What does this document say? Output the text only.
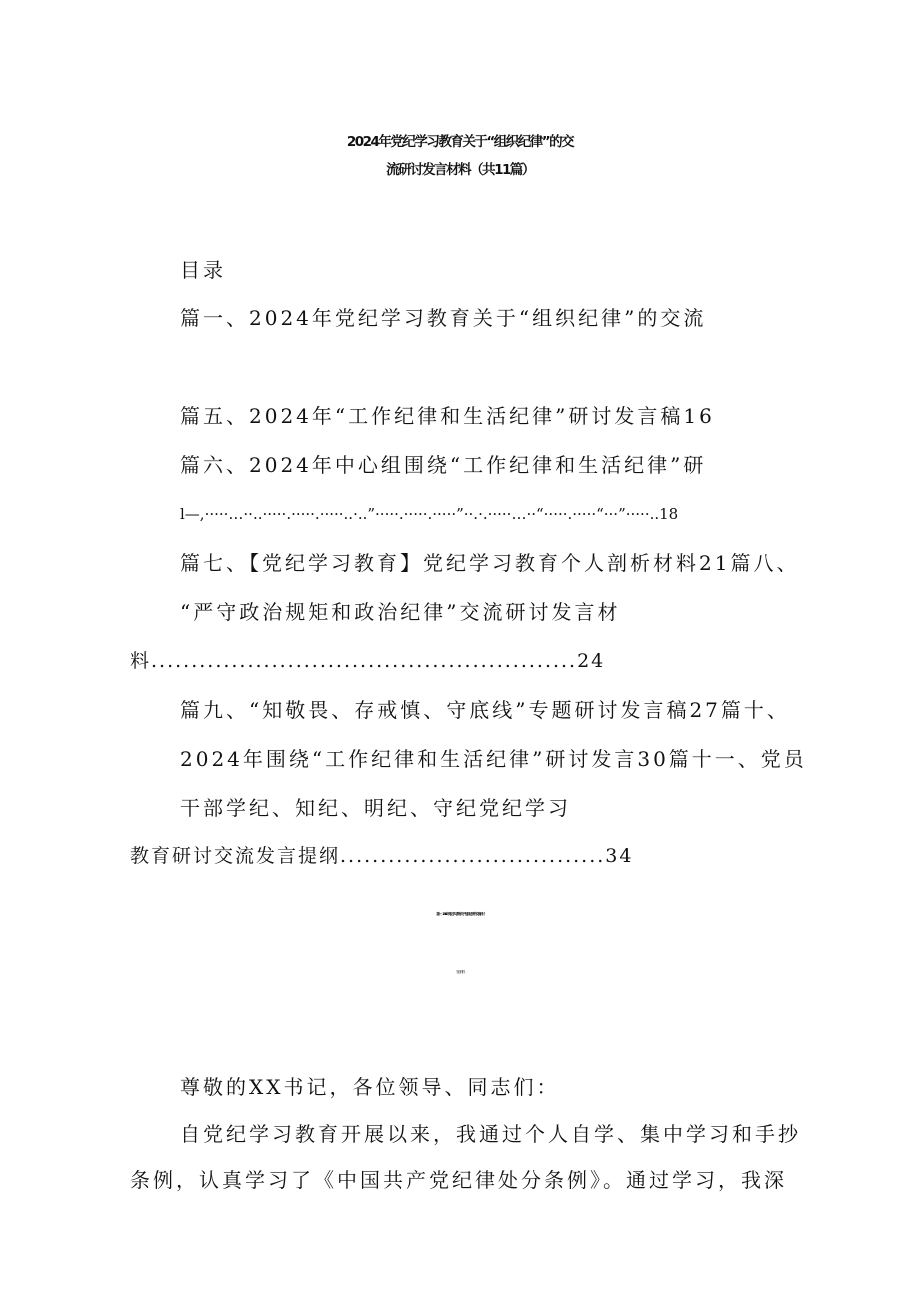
2024年党纪学习教育关于“组织纪律”的交
流研讨发言材料（共11篇）
目录
篇一、2024年党纪学习教育关于“组织纪律”的交流
篇五、2024年“工作纪律和生活纪律”研讨发言稿16
篇六、2024年中心组围绕“工作纪律和生活纪律”研
l—,·····…··..·····.·····.·····..·..”·····.·····.·····”··.·.·····…··“·····.·····“···”·····..18
篇七、【党纪学习教育】党纪学习教育个人剖析材料21篇八、
“严守政治规矩和政治纪律”交流研讨发言材
料.....................................................24
篇九、“知敬畏、存戒慎、守底线”专题研讨发言稿27篇十、
2024年围绕“工作纪律和生活纪律”研讨发言30篇十一、党员
干部学纪、知纪、明纪、守纪党纪学习
教育研讨交流发言提纲.................................34
篇一、2024年党纪学习教育关于“组织纪律”的交流研讨
发言材料
尊敬的XX书记，各位领导、同志们：
自党纪学习教育开展以来，我通过个人自学、集中学习和手抄
条例，认真学习了《中国共产党纪律处分条例》。通过学习，我深
